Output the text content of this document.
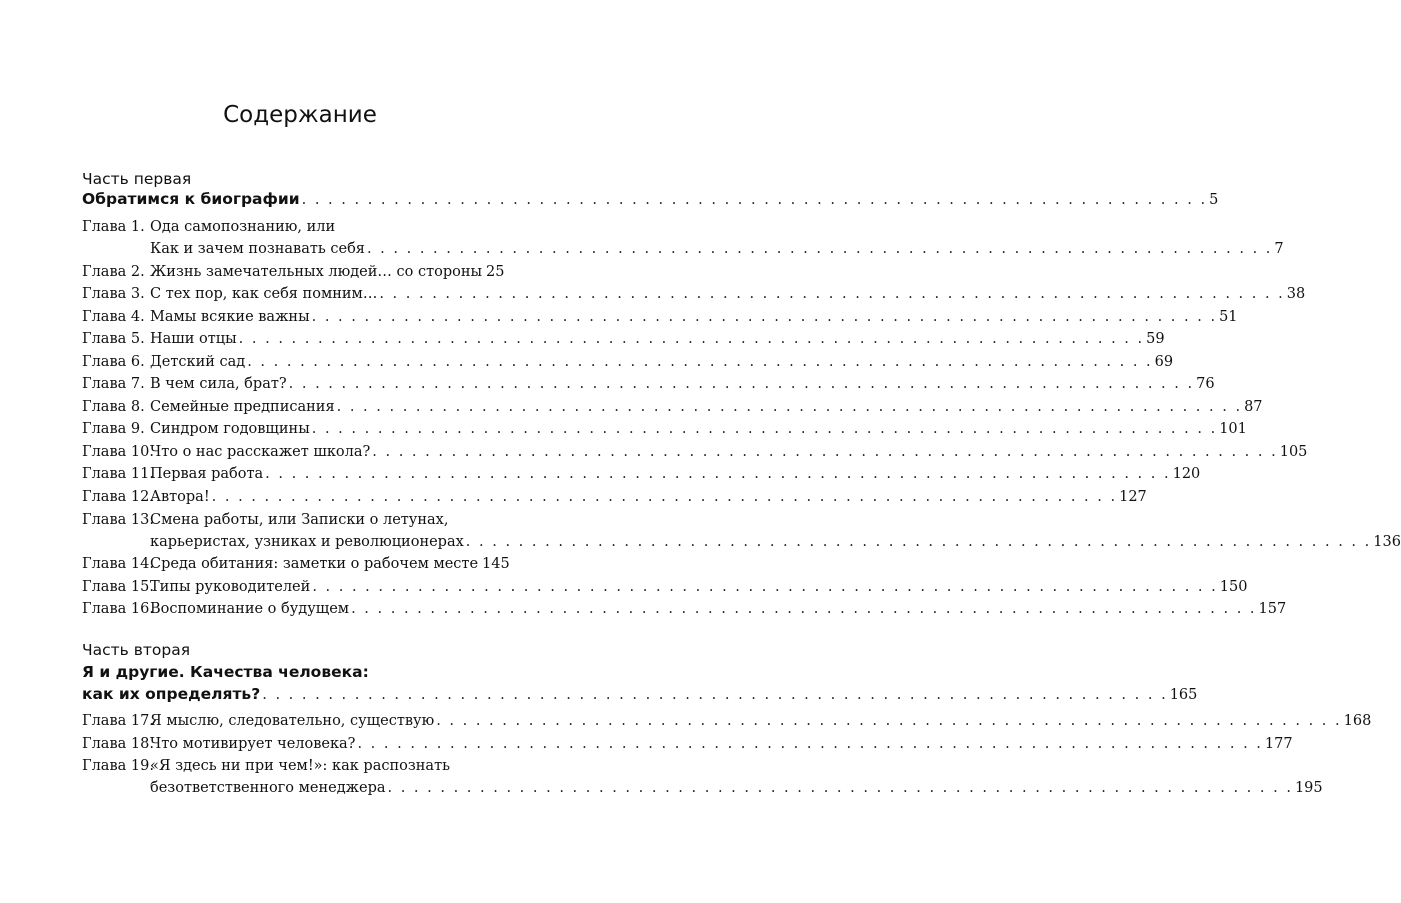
Содержание
Часть первая
Обратимся к биографии . . . . . . . . . . . . . . . . . . . . . . . . . . . . . . . . . . . . . . . . . . . . . . . . . . . . . . . . . . . . . . . . . . . . . 5
Глава 1. Ода самопознанию, или
Как и зачем познавать себя . . . . . . . . . . . . . . . . . . . . . . . . . . . . . . . . . . . . . . . . . . . . . . . . . . . . . . . . . . . . . . . . . . . . . 7
Глава 2. Жизнь замечательных людей… со стороны 25
Глава 3. С тех пор, как себя помним… . . . . . . . . . . . . . . . . . . . . . . . . . . . . . . . . . . . . . . . . . . . . . . . . . . . . . . . . . . . . . . . . . . . . . 38
Глава 4. Мамы всякие важны . . . . . . . . . . . . . . . . . . . . . . . . . . . . . . . . . . . . . . . . . . . . . . . . . . . . . . . . . . . . . . . . . . . . . 51
Глава 5. Наши отцы . . . . . . . . . . . . . . . . . . . . . . . . . . . . . . . . . . . . . . . . . . . . . . . . . . . . . . . . . . . . . . . . . . . . . 59
Глава 6. Детский сад . . . . . . . . . . . . . . . . . . . . . . . . . . . . . . . . . . . . . . . . . . . . . . . . . . . . . . . . . . . . . . . . . . . . . 69
Глава 7. В чем сила, брат? . . . . . . . . . . . . . . . . . . . . . . . . . . . . . . . . . . . . . . . . . . . . . . . . . . . . . . . . . . . . . . . . . . . . . 76
Глава 8. Семейные предписания . . . . . . . . . . . . . . . . . . . . . . . . . . . . . . . . . . . . . . . . . . . . . . . . . . . . . . . . . . . . . . . . . . . . . 87
Глава 9. Синдром годовщины . . . . . . . . . . . . . . . . . . . . . . . . . . . . . . . . . . . . . . . . . . . . . . . . . . . . . . . . . . . . . . . . . . . . . 101
Глава 10.
Что о нас расскажет школа? . . . . . . . . . . . . . . . . . . . . . . . . . . . . . . . . . . . . . . . . . . . . . . . . . . . . . . . . . . . . . . . . . . . . . 105
Глава 11.
Первая работа . . . . . . . . . . . . . . . . . . . . . . . . . . . . . . . . . . . . . . . . . . . . . . . . . . . . . . . . . . . . . . . . . . . . . 120
Глава 12.
Автора! . . . . . . . . . . . . . . . . . . . . . . . . . . . . . . . . . . . . . . . . . . . . . . . . . . . . . . . . . . . . . . . . . . . . . 127
Глава 13.
Смена работы, или Записки о летунах,
карьеристах, узниках и революционерах . . . . . . . . . . . . . . . . . . . . . . . . . . . . . . . . . . . . . . . . . . . . . . . . . . . . . . . . . . . . . . . . . . . . . 136
Глава 14.
Среда обитания: заметки о рабочем месте 145
Глава 15.
Типы руководителей . . . . . . . . . . . . . . . . . . . . . . . . . . . . . . . . . . . . . . . . . . . . . . . . . . . . . . . . . . . . . . . . . . . . . 150
Глава 16.
Воспоминание о будущем . . . . . . . . . . . . . . . . . . . . . . . . . . . . . . . . . . . . . . . . . . . . . . . . . . . . . . . . . . . . . . . . . . . . . 157
Часть вторая
Я и другие. Качества человека:
как их определять? . . . . . . . . . . . . . . . . . . . . . . . . . . . . . . . . . . . . . . . . . . . . . . . . . . . . . . . . . . . . . . . . . . . . . 165
Глава 17.
Я мыслю, следовательно, существую . . . . . . . . . . . . . . . . . . . . . . . . . . . . . . . . . . . . . . . . . . . . . . . . . . . . . . . . . . . . . . . . . . . . . 168
Глава 18.
Что мотивирует человека? . . . . . . . . . . . . . . . . . . . . . . . . . . . . . . . . . . . . . . . . . . . . . . . . . . . . . . . . . . . . . . . . . . . . . 177
Глава 19.
«Я здесь ни при чем!»: как распознать
безответственного менеджера . . . . . . . . . . . . . . . . . . . . . . . . . . . . . . . . . . . . . . . . . . . . . . . . . . . . . . . . . . . . . . . . . . . . . 195
